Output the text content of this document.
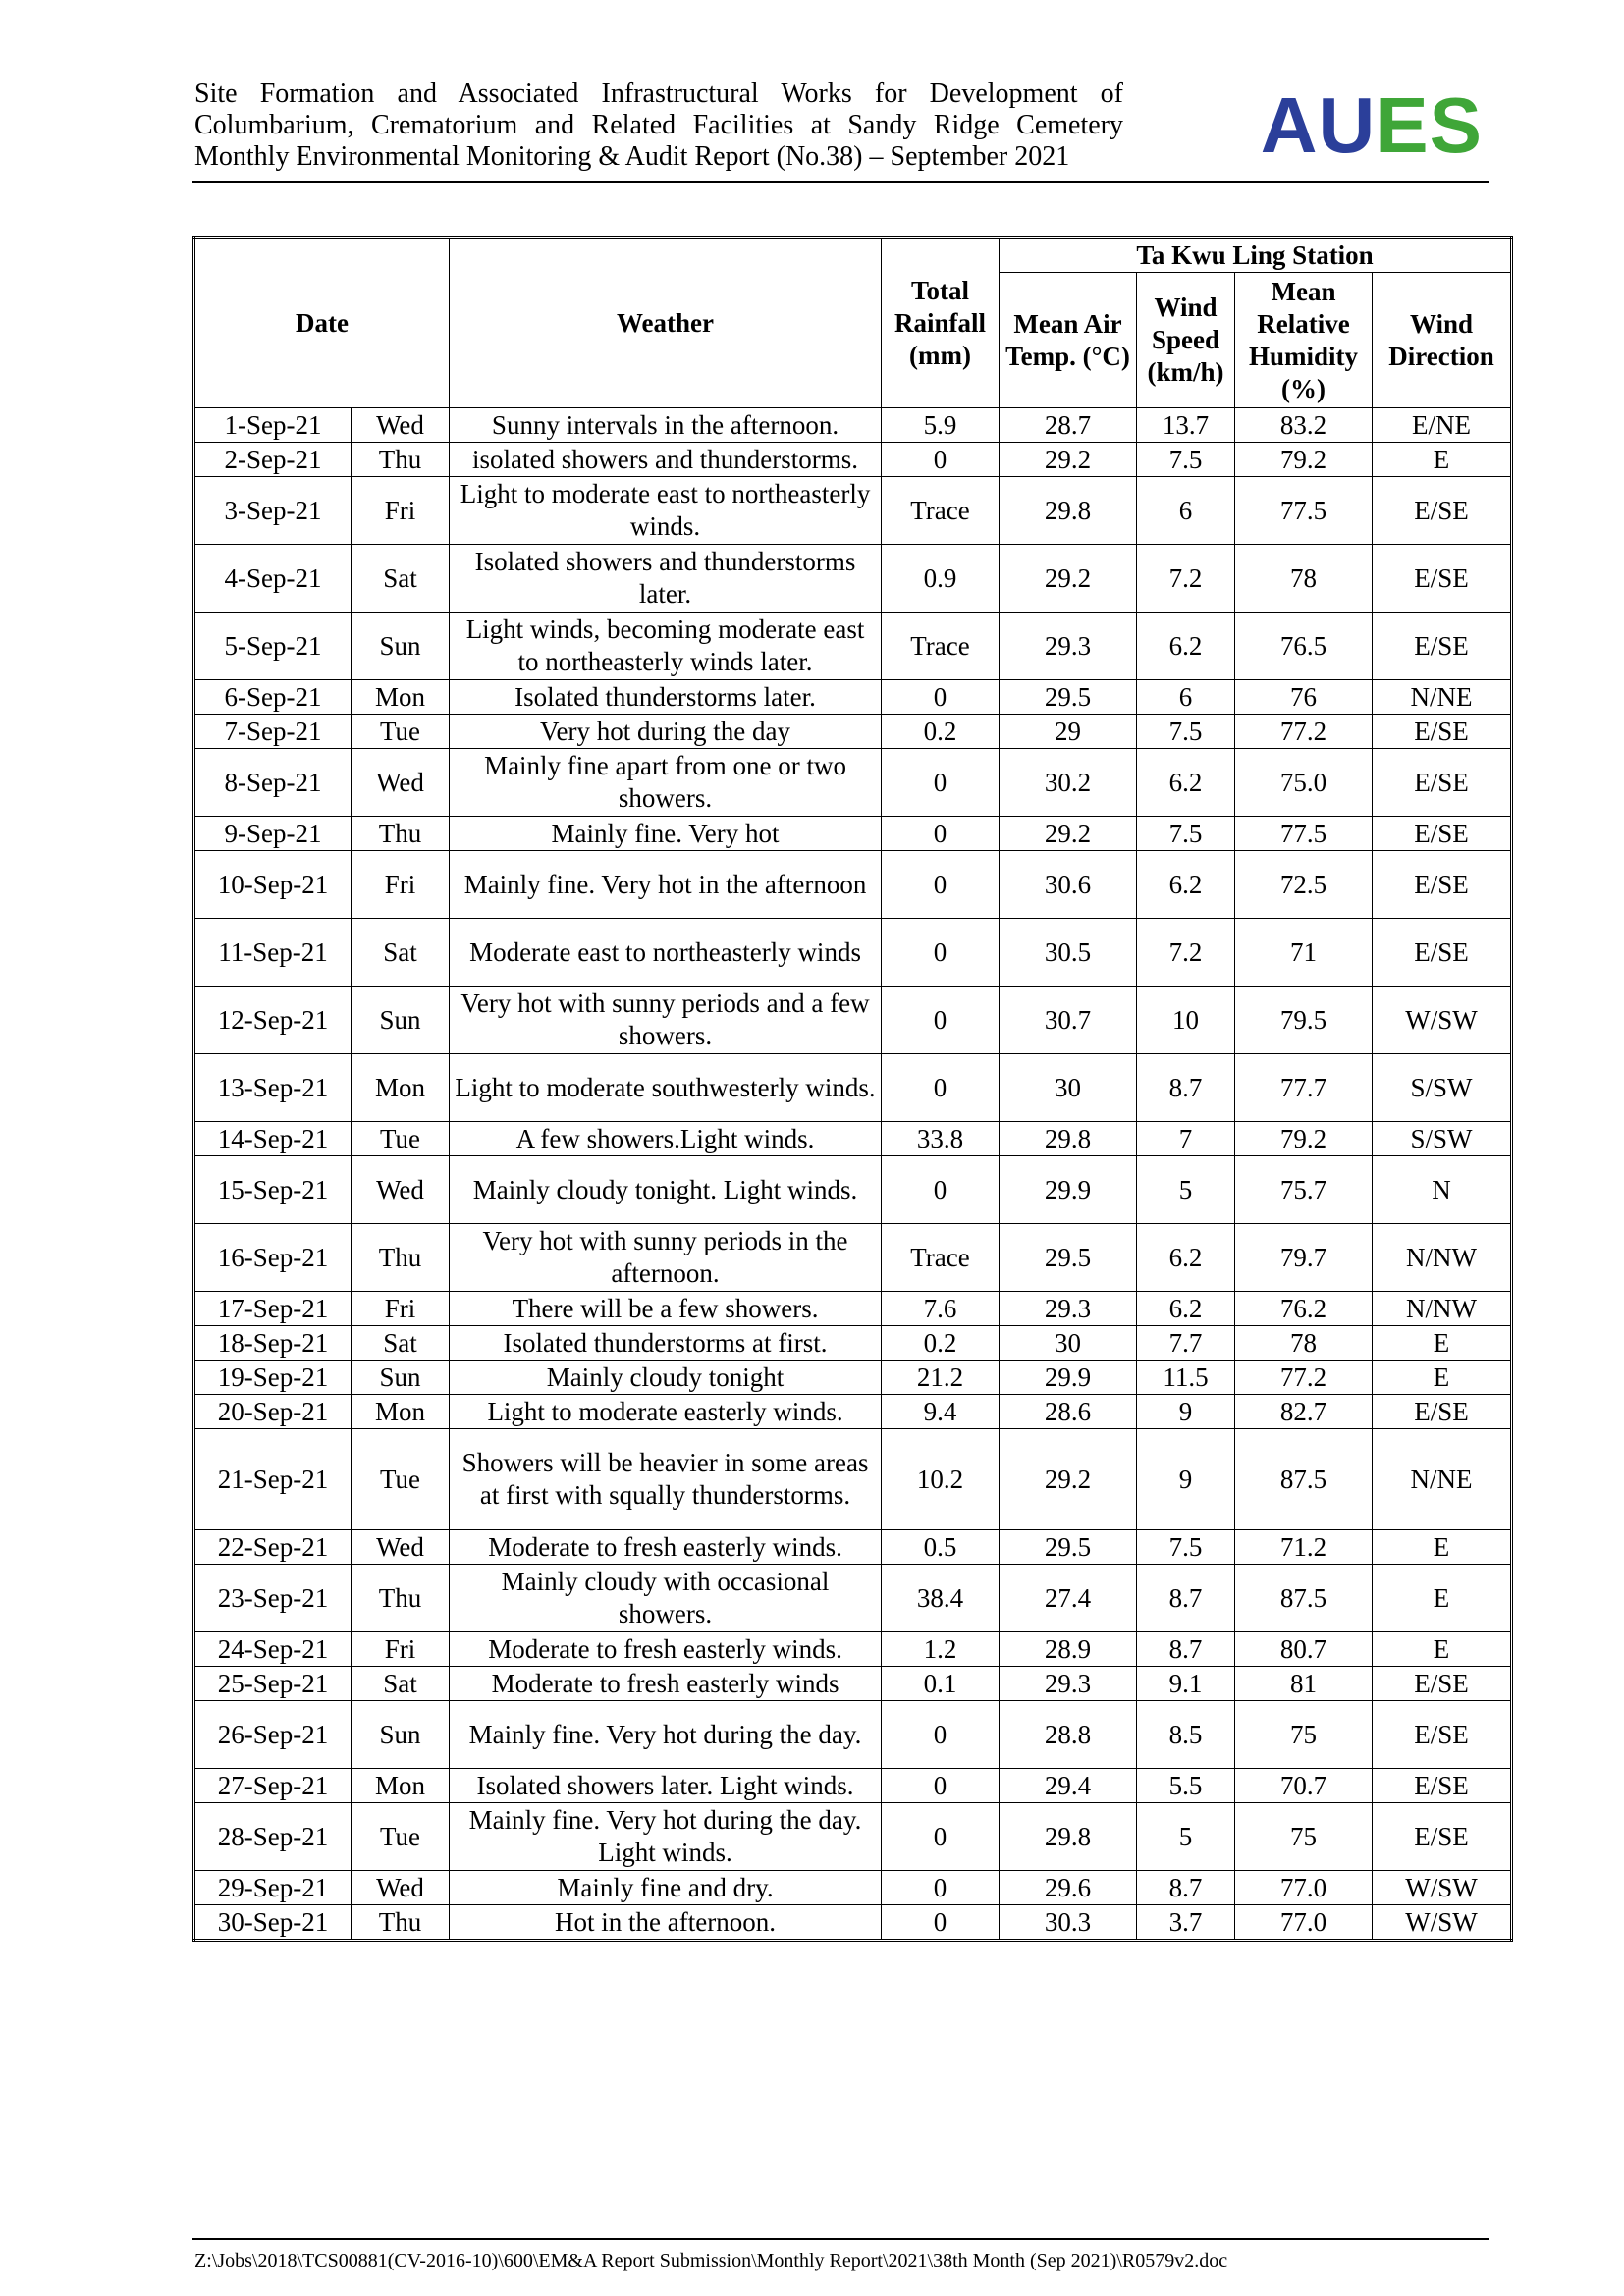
Site Formation and Associated Infrastructural Works for Development of
Columbarium, Crematorium and Related Facilities at Sandy Ridge Cemetery
Monthly Environmental Monitoring & Audit Report (No.38) – September 2021	AUES
Date		Weather	Total Rainfall (mm)	Ta Kwu Ling Station			
				Mean Air Temp. (°C)	Wind Speed (km/h)	Mean Relative Humidity (%)	Wind Direction
1-Sep-21	Wed	Sunny intervals in the afternoon.	5.9	28.7	13.7	83.2	E/NE
2-Sep-21	Thu	isolated showers and thunderstorms.	0	29.2	7.5	79.2	E
3-Sep-21	Fri	Light to moderate east to northeasterly winds.	Trace	29.8	6	77.5	E/SE
4-Sep-21	Sat	Isolated showers and thunderstorms later.	0.9	29.2	7.2	78	E/SE
5-Sep-21	Sun	Light winds, becoming moderate east to northeasterly winds later.	Trace	29.3	6.2	76.5	E/SE
6-Sep-21	Mon	Isolated thunderstorms later.	0	29.5	6	76	N/NE
7-Sep-21	Tue	Very hot during the day	0.2	29	7.5	77.2	E/SE
8-Sep-21	Wed	Mainly fine apart from one or two showers.	0	30.2	6.2	75.0	E/SE
9-Sep-21	Thu	Mainly fine. Very hot	0	29.2	7.5	77.5	E/SE
10-Sep-21	Fri	Mainly fine. Very hot in the afternoon	0	30.6	6.2	72.5	E/SE
11-Sep-21	Sat	Moderate east to northeasterly winds	0	30.5	7.2	71	E/SE
12-Sep-21	Sun	Very hot with sunny periods and a few showers.	0	30.7	10	79.5	W/SW
13-Sep-21	Mon	Light to moderate southwesterly winds.	0	30	8.7	77.7	S/SW
14-Sep-21	Tue	A few showers.Light winds.	33.8	29.8	7	79.2	S/SW
15-Sep-21	Wed	Mainly cloudy tonight. Light winds.	0	29.9	5	75.7	N
16-Sep-21	Thu	Very hot with sunny periods in the afternoon.	Trace	29.5	6.2	79.7	N/NW
17-Sep-21	Fri	There will be a few showers.	7.6	29.3	6.2	76.2	N/NW
18-Sep-21	Sat	Isolated thunderstorms at first.	0.2	30	7.7	78	E
19-Sep-21	Sun	Mainly cloudy tonight	21.2	29.9	11.5	77.2	E
20-Sep-21	Mon	Light to moderate easterly winds.	9.4	28.6	9	82.7	E/SE
21-Sep-21	Tue	Showers will be heavier in some areas at first with squally thunderstorms.	10.2	29.2	9	87.5	N/NE
22-Sep-21	Wed	Moderate to fresh easterly winds.	0.5	29.5	7.5	71.2	E
23-Sep-21	Thu	Mainly cloudy with occasional showers.	38.4	27.4	8.7	87.5	E
24-Sep-21	Fri	Moderate to fresh easterly winds.	1.2	28.9	8.7	80.7	E
25-Sep-21	Sat	Moderate to fresh easterly winds	0.1	29.3	9.1	81	E/SE
26-Sep-21	Sun	Mainly fine. Very hot during the day.	0	28.8	8.5	75	E/SE
27-Sep-21	Mon	Isolated showers later. Light winds.	0	29.4	5.5	70.7	E/SE
28-Sep-21	Tue	Mainly fine. Very hot during the day. Light winds.	0	29.8	5	75	E/SE
29-Sep-21	Wed	Mainly fine and dry.	0	29.6	8.7	77.0	W/SW
30-Sep-21	Thu	Hot in the afternoon.	0	30.3	3.7	77.0	W/SW
Z:\Jobs\2018\TCS00881(CV-2016-10)\600\EM&A Report Submission\Monthly Report\2021\38th Month (Sep 2021)\R0579v2.doc
